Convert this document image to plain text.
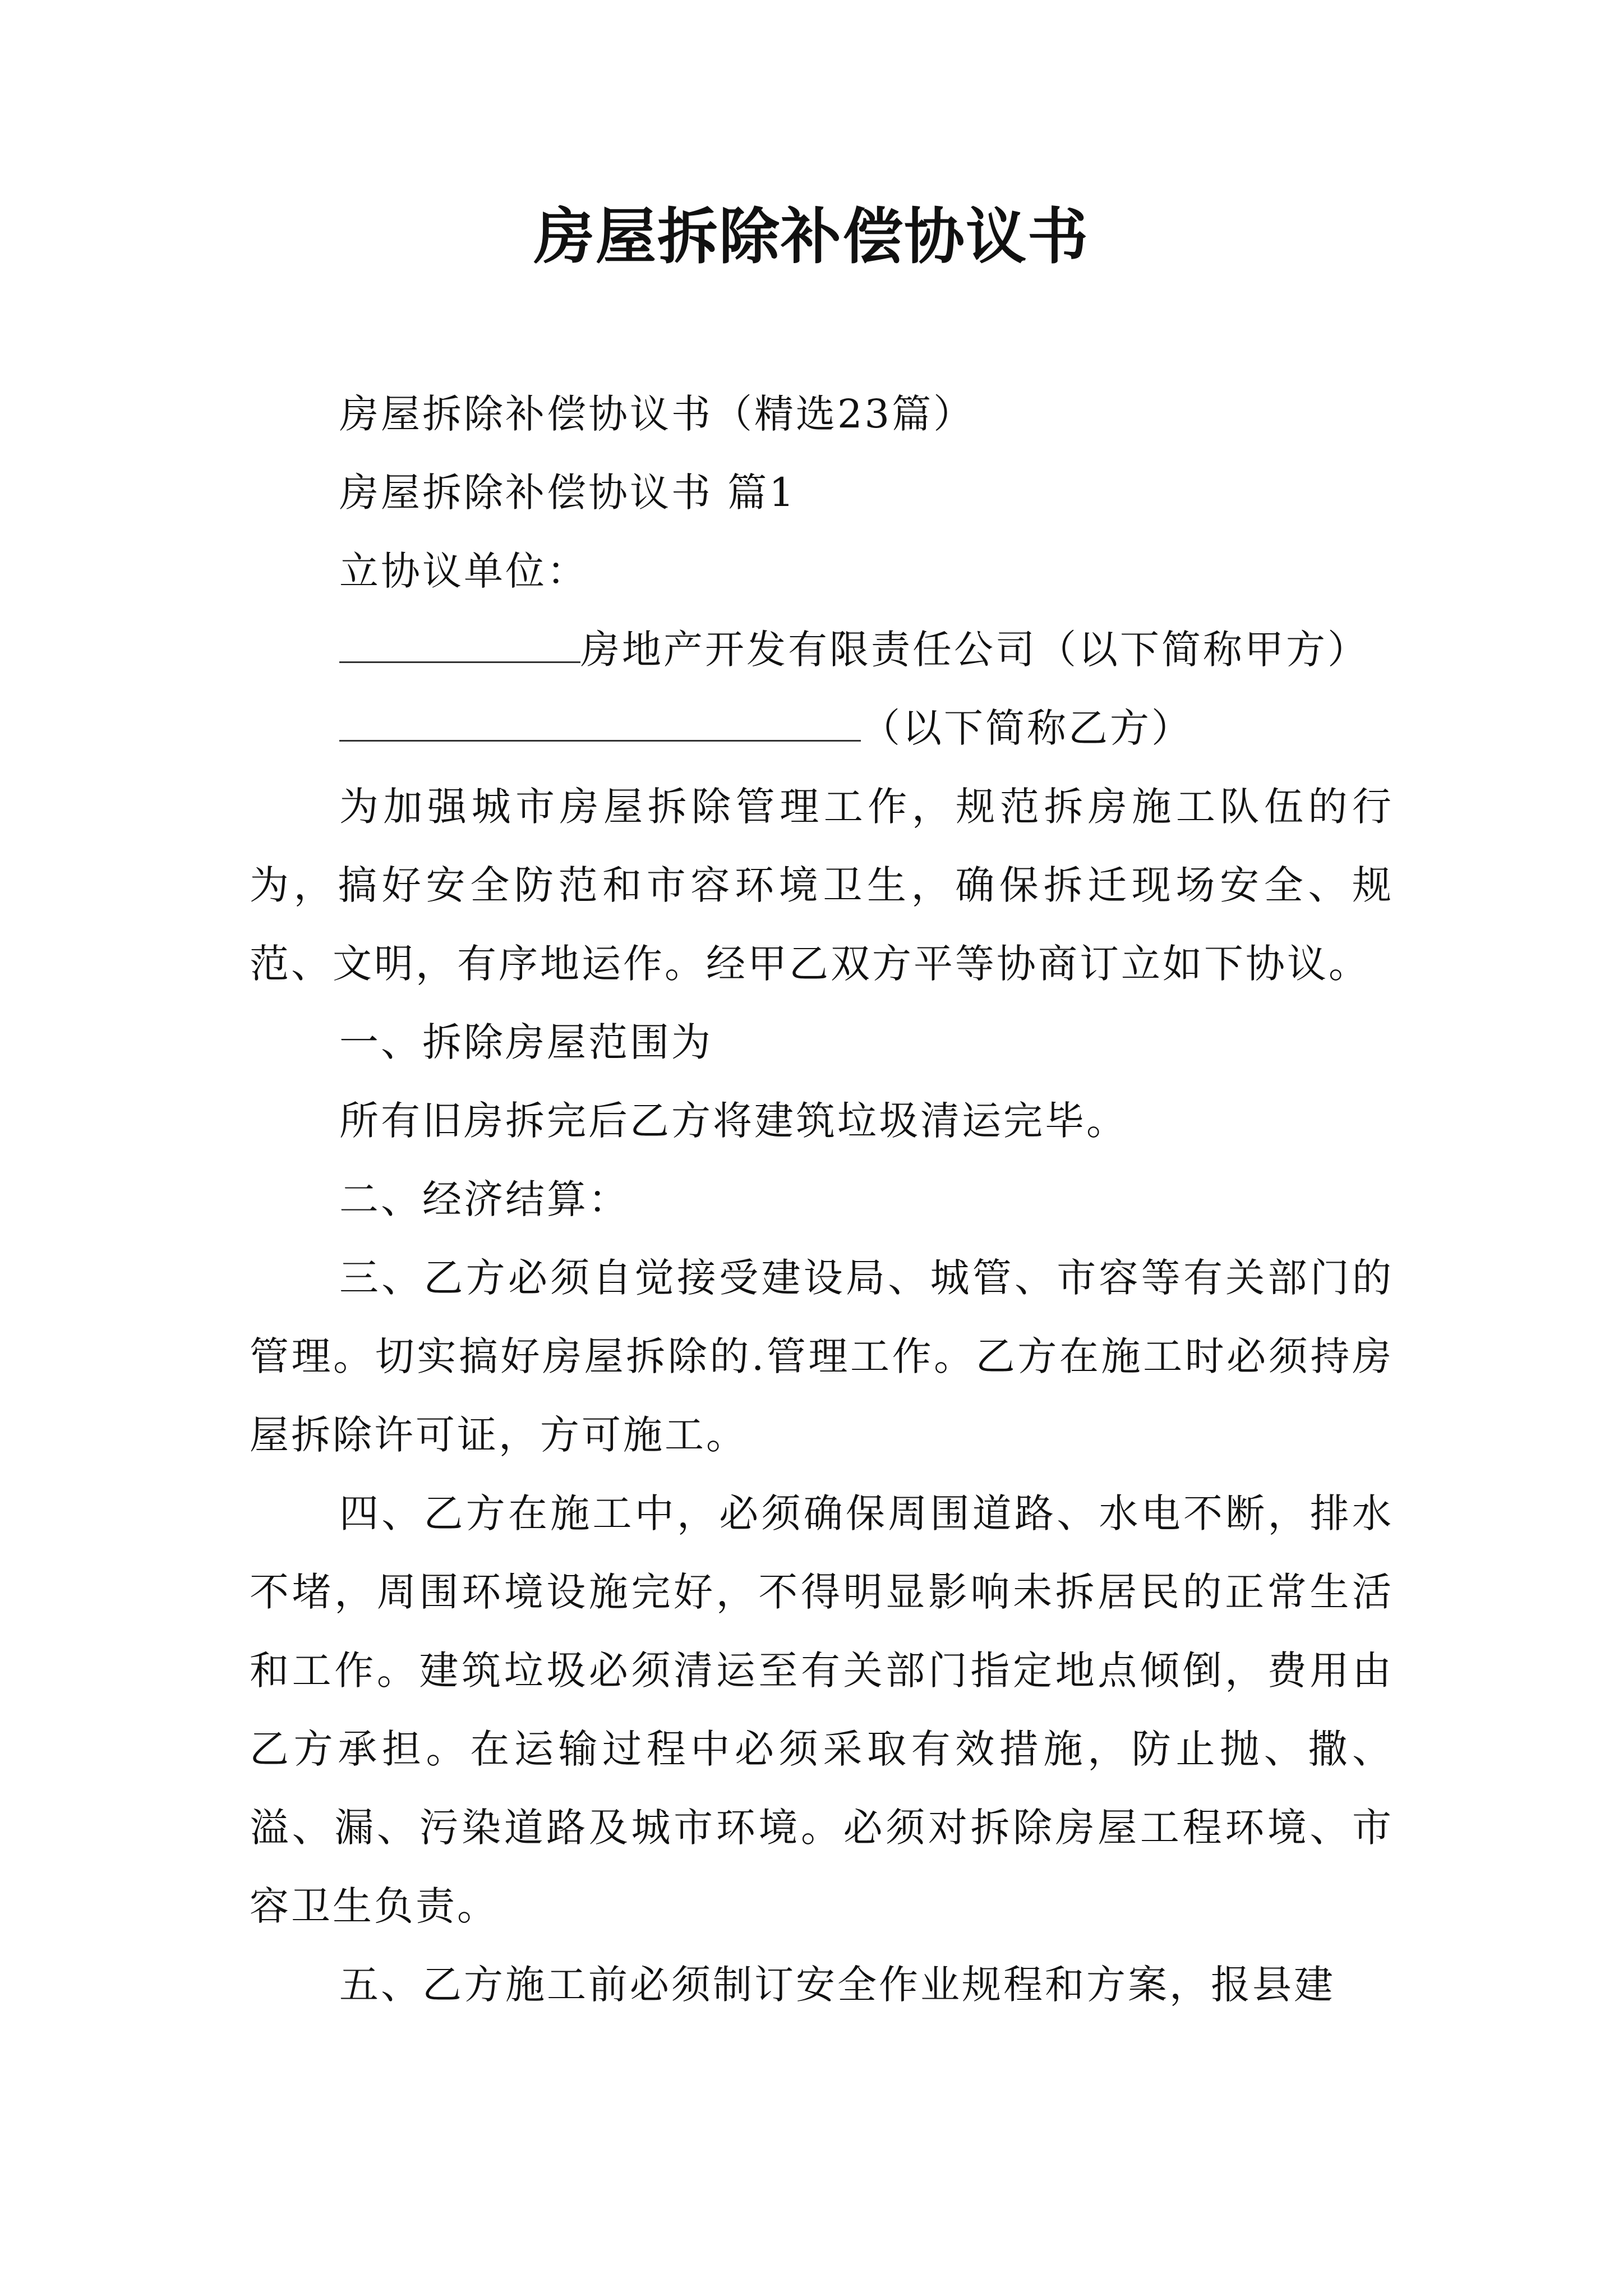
房屋拆除补偿协议书

房屋拆除补偿协议书（精选23篇）

房屋拆除补偿协议书 篇1

立协议单位：

房地产开发有限责任公司（以下简称甲方）

（以下简称乙方）

为加强城市房屋拆除管理工作，规范拆房施工队伍的行为，搞好安全防范和市容环境卫生，确保拆迁现场安全、规范、文明，有序地运作。经甲乙双方平等协商订立如下协议。

一、拆除房屋范围为

所有旧房拆完后乙方将建筑垃圾清运完毕。

二、经济结算：

三、乙方必须自觉接受建设局、城管、市容等有关部门的管理。切实搞好房屋拆除的.管理工作。乙方在施工时必须持房屋拆除许可证，方可施工。

四、乙方在施工中，必须确保周围道路、水电不断，排水不堵，周围环境设施完好，不得明显影响未拆居民的正常生活和工作。建筑垃圾必须清运至有关部门指定地点倾倒，费用由乙方承担。在运输过程中必须采取有效措施，防止抛、撒、溢、漏、污染道路及城市环境。必须对拆除房屋工程环境、市容卫生负责。

五、乙方施工前必须制订安全作业规程和方案，报县建
